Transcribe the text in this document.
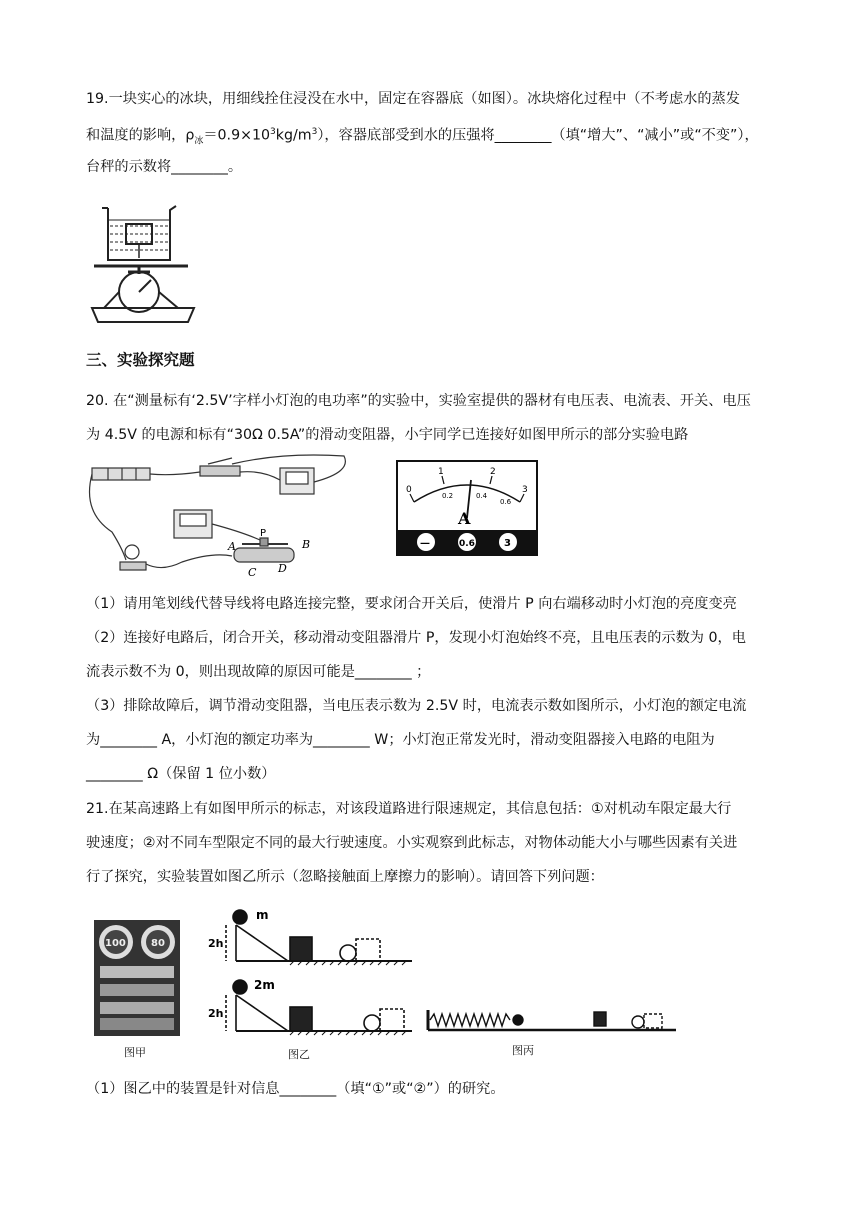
19.一块实心的冰块，用细线拴住浸没在水中，固定在容器底（如图）。冰块熔化过程中（不考虑水的蒸发
和温度的影响，$\rho_冰=0.9\times 10^3kg/m^3$），容器底部受到水的压强将________（填“增大”、“减小”或“不变”），
台秤的示数将________。
三、实验探究题
20. 在“测量标有‘2.5V’字样小灯泡的电功率”的实验中，实验室提供的器材有电压表、电流表、开关、电压
为 4.5V 的电源和标有“30Ω 0.5A”的滑动变阻器，小宇同学已连接好如图甲所示的部分实验电路
A	B
C D
P
0
1	2
3
0.2	0.4
0.6
A
—	0.6	3
（1）请用笔划线代替导线将电路连接完整，要求闭合开关后，使滑片 P 向右端移动时小灯泡的亮度变亮
（2）连接好电路后，闭合开关，移动滑动变阻器滑片 P，发现小灯泡始终不亮，且电压表的示数为 0，电
流表示数不为 0，则出现故障的原因可能是________ ；
（3）排除故障后，调节滑动变阻器，当电压表示数为 2.5V 时，电流表示数如图所示，小灯泡的额定电流
为________ A，小灯泡的额定功率为________ W；小灯泡正常发光时，滑动变阻器接入电路的电阻为
________ Ω（保留 1 位小数）
21.在某高速路上有如图甲所示的标志，对该段道路进行限速规定，其信息包括：①对机动车限定最大行
驶速度；②对不同车型限定不同的最大行驶速度。小实观察到此标志，对物体动能大小与哪些因素有关进
行了探究，实验装置如图乙所示（忽略接触面上摩擦力的影响）。请回答下列问题：
100	80
图甲
m
2h
2m
2h
图乙	图丙
（1）图乙中的装置是针对信息________（填“①”或“②”）的研究。
